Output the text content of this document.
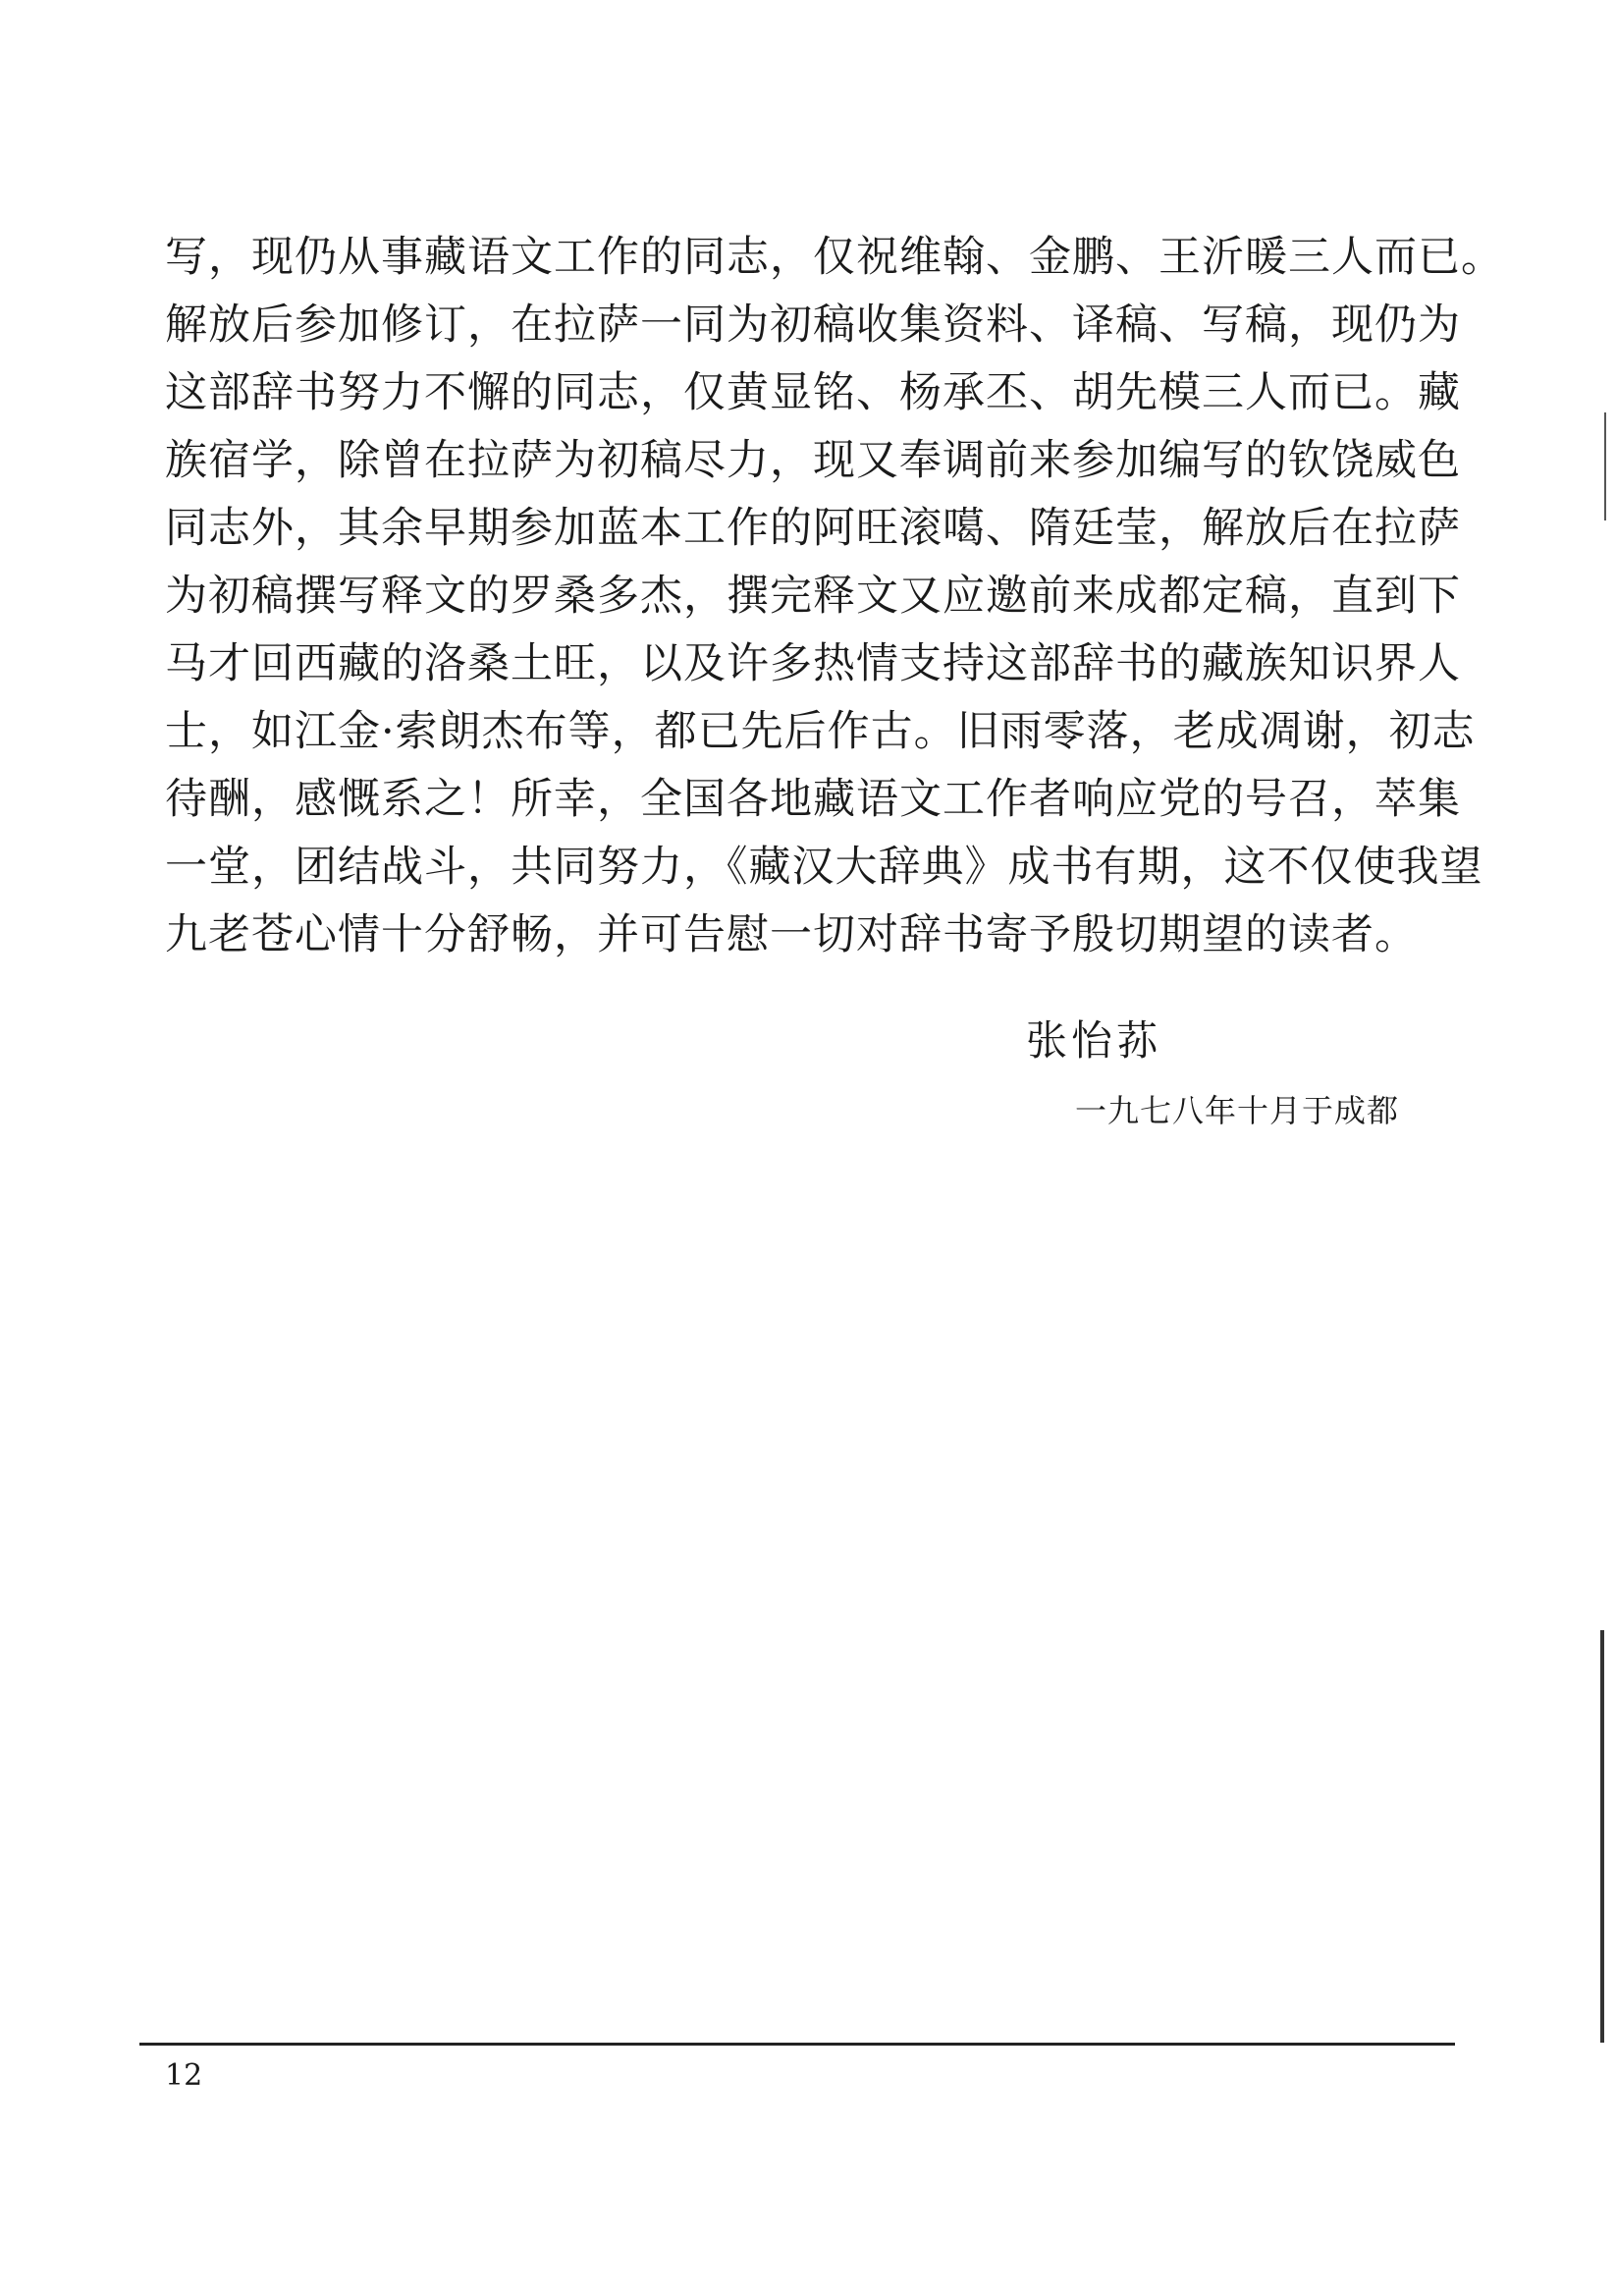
写，现仍从事藏语文工作的同志，仅祝维翰、金鹏、王沂暖三人而已。
解放后参加修订，在拉萨一同为初稿收集资料、译稿、写稿，现仍为
这部辞书努力不懈的同志，仅黄显铭、杨承丕、胡先模三人而已。藏
族宿学，除曾在拉萨为初稿尽力，现又奉调前来参加编写的钦饶威色
同志外，其余早期参加蓝本工作的阿旺滚噶、隋廷莹，解放后在拉萨
为初稿撰写释文的罗桑多杰，撰完释文又应邀前来成都定稿，直到下
马才回西藏的洛桑土旺，以及许多热情支持这部辞书的藏族知识界人
士，如江金·索朗杰布等，都已先后作古。旧雨零落，老成凋谢，初志
待酬，感慨系之！所幸，全国各地藏语文工作者响应党的号召，萃集
一堂，团结战斗，共同努力，《藏汉大辞典》成书有期，这不仅使我望
九老苍心情十分舒畅，并可告慰一切对辞书寄予殷切期望的读者。
张怡荪
一九七八年十月于成都
12
